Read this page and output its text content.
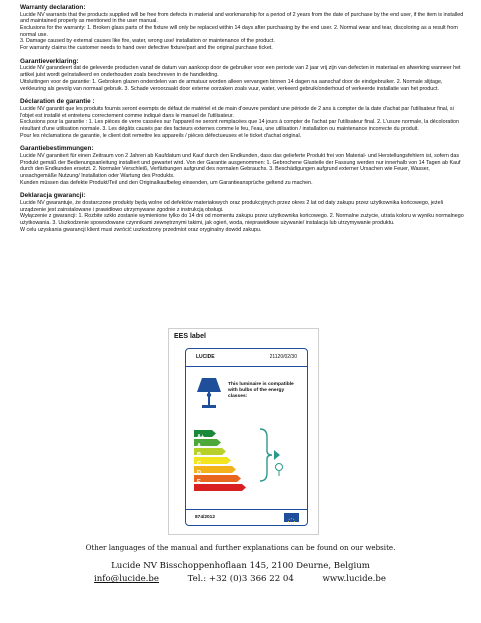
Warranty declaration:
Lucide NV warrants that the products supplied will be free from defects in material and workmanship for a period of 2 years from the date of purchase by the end user, if the item is installed and maintained properly as mentioned in the user manual.
Exclusions for the warranty: 1. Broken glass parts of the fixture will only be replaced within 14 days after purchasing by the end user. 2. Normal wear and tear, discoloring as a result from normal use.
3. Damage caused by external causes like fire, water, wrong use/ installation or maintenance of the product.
For warranty claims the customer needs to hand over defective fixture/part and the original purchase ticket.
Garantieverklaring:
Lucide NV garandeert dat de geleverde producten vanaf de datum van aankoop door de gebruiker voor een periode van 2 jaar vrij zijn van defecten in materiaal en afwerking wanneer het artikel juist wordt geïnstalleerd en onderhouden zoals beschreven in de handleiding.
Uitsluitingen voor de garantie: 1. Gebroken glazen onderdelen van de armatuur worden alleen vervangen binnen 14 dagen na aanschaf door de eindgebruiker. 2. Normale slijtage, verkleuring als gevolg van normaal gebruik. 3. Schade veroorzaakt door externe oorzaken zoals vuur, water, verkeerd gebruik/onderhoud of verkeerde installatie van het product.
Déclaration de garantie :
Lucide NV garantit que les produits fournis seront exempts de défaut de matériel et de main d'oeuvre pendant une période de 2 ans à compter de la date d'achat par l'utilisateur final, si l'objet est installé et entretenu correctement comme indiqué dans le manuel de l'utilisateur.
Exclusions pour la garantie : 1. Les pièces de verre cassées sur l'appareil ne seront remplacées que 14 jours à compter de l'achat par l'utilisateur final. 2. L'usure normale, la décoloration résultant d'une utilisation normale. 3. Les dégâts causés par des facteurs externes comme le feu, l'eau, une utilisation / installation ou maintenance incorrecte du produit.
Pour les réclamations de garantie, le client doit remettre les appareils / pièces défectueuses et le ticket d'achat original.
Garantiebestimmungen:
Lucide NV garantiert für einen Zeitraum von 2 Jahren ab Kaufdatum und Kauf durch den Endkunden, dass das gelieferte Produkt frei von Material- und Herstellungsfehlern ist, sofern das Produkt gemäß der Bedienungsanleitung installiert und gewartet wird. Von der Garantie ausgenommen: 1. Gebrochene Glasteile der Fassung werden nur innerhalb von 14 Tagen ab Kauf durch den Endkunden ersetzt. 2. Normaler Verschleiß, Verfärbungen aufgrund des normalen Gebrauchs. 3. Beschädigungen aufgrund externer Ursachen wie Feuer, Wasser, unsachgemäße Nutzung/ Installation oder Wartung des Produkts.
Kunden müssen das defekte Produkt/Teil und den Originalkaufbeleg einsenden, um Garantieansprüche geltend zu machen.
Deklaracja gwarancji:
Lucide NV gwarantuje, że dostarczone produkty będą wolne od defektów materiałowych oraz produkcyjnych przez okres 2 lat od daty zakupu przez użytkownika końcowego, jeżeli urządzenie jest zainstalowane i prawidłowo utrzymywane zgodnie z instrukcją obsługi.
Wyłączenie z gwarancji: 1. Rozbite szkło zostanie wymienione tylko do 14 dni od momentu zakupu przez użytkownika końcowego. 2. Normalne zużycie, utrata koloru w wyniku normalnego użytkowania. 3. Uszkodzenie spowodowane czynnikami zewnętrznymi takimi, jak ogień, woda, nieprawidłowe używanie/ instalacja lub utrzymywanie produktu.
W celu uzyskania gwarancji klient musi zwrócić uszkodzony przedmiot oraz oryginalny dowód zakupu.
EES label
LUCIDE	21120/02/30
This luminaire is compatible with bulbs of the energy classes:
A++
A+
A
B
C
D
E
874/2012
Other languages of the manual and further explanations can be found on our website.
Lucide NV Bisschoppenhoflaan 145, 2100 Deurne, Belgium
info@lucide.be	Tel.: +32 (0)3 366 22 04	www.lucide.be
